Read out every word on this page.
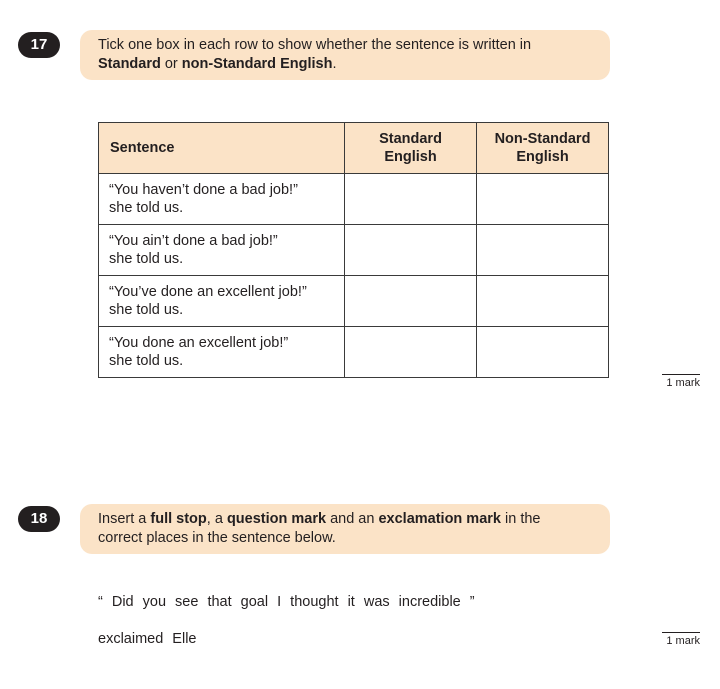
17	Tick one box in each row to show whether the sentence is written in
Standard or non-Standard English.
Sentence	Standard English	Non-Standard English

“You haven’t done a bad job!”
she told us.		

“You ain’t done a bad job!”
she told us.		

“You’ve done an excellent job!”
she told us.		

“You done an excellent job!”
she told us.		

1 mark
18	Insert a full stop, a question mark and an exclamation mark in the
correct places in the sentence below.
“ Did you see that goal I thought it was incredible ”
exclaimed Elle	1 mark
